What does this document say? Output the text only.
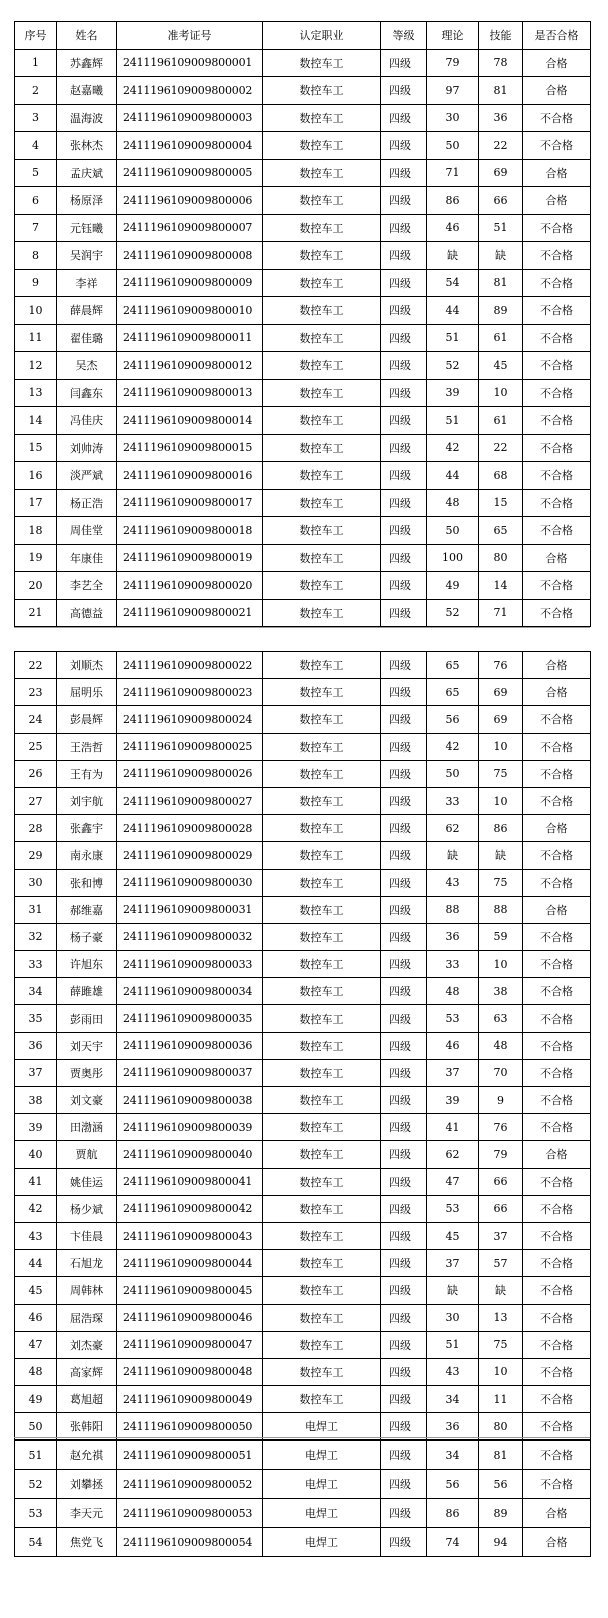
序号	姓名	准考证号	认定职业	等级	理论	技能	是否合格
1	苏鑫辉	2411196109009800001	数控车工	四级	79	78	合格
2	赵嘉曦	2411196109009800002	数控车工	四级	97	81	合格
3	温海波	2411196109009800003	数控车工	四级	30	36	不合格
4	张林杰	2411196109009800004	数控车工	四级	50	22	不合格
5	孟庆斌	2411196109009800005	数控车工	四级	71	69	合格
6	杨原泽	2411196109009800006	数控车工	四级	86	66	合格
7	元钰曦	2411196109009800007	数控车工	四级	46	51	不合格
8	吴润宇	2411196109009800008	数控车工	四级	缺	缺	不合格
9	李祥	2411196109009800009	数控车工	四级	54	81	不合格
10	薛晨辉	2411196109009800010	数控车工	四级	44	89	不合格
11	翟佳璐	2411196109009800011	数控车工	四级	51	61	不合格
12	吴杰	2411196109009800012	数控车工	四级	52	45	不合格
13	闫鑫东	2411196109009800013	数控车工	四级	39	10	不合格
14	冯佳庆	2411196109009800014	数控车工	四级	51	61	不合格
15	刘帅涛	2411196109009800015	数控车工	四级	42	22	不合格
16	淡严斌	2411196109009800016	数控车工	四级	44	68	不合格
17	杨正浩	2411196109009800017	数控车工	四级	48	15	不合格
18	周佳堂	2411196109009800018	数控车工	四级	50	65	不合格
19	年康佳	2411196109009800019	数控车工	四级	100	80	合格
20	李艺全	2411196109009800020	数控车工	四级	49	14	不合格
21	高德益	2411196109009800021	数控车工	四级	52	71	不合格
22	刘顺杰	2411196109009800022	数控车工	四级	65	76	合格
23	屈明乐	2411196109009800023	数控车工	四级	65	69	合格
24	彭晨辉	2411196109009800024	数控车工	四级	56	69	不合格
25	王浩哲	2411196109009800025	数控车工	四级	42	10	不合格
26	王有为	2411196109009800026	数控车工	四级	50	75	不合格
27	刘宇航	2411196109009800027	数控车工	四级	33	10	不合格
28	张鑫宇	2411196109009800028	数控车工	四级	62	86	合格
29	南永康	2411196109009800029	数控车工	四级	缺	缺	不合格
30	张和博	2411196109009800030	数控车工	四级	43	75	不合格
31	郝维嘉	2411196109009800031	数控车工	四级	88	88	合格
32	杨子豪	2411196109009800032	数控车工	四级	36	59	不合格
33	许旭东	2411196109009800033	数控车工	四级	33	10	不合格
34	薛雎雄	2411196109009800034	数控车工	四级	48	38	不合格
35	彭雨田	2411196109009800035	数控车工	四级	53	63	不合格
36	刘天宇	2411196109009800036	数控车工	四级	46	48	不合格
37	贾奥彤	2411196109009800037	数控车工	四级	37	70	不合格
38	刘文豪	2411196109009800038	数控车工	四级	39	9	不合格
39	田渤涵	2411196109009800039	数控车工	四级	41	76	不合格
40	贾航	2411196109009800040	数控车工	四级	62	79	合格
41	姚佳运	2411196109009800041	数控车工	四级	47	66	不合格
42	杨少斌	2411196109009800042	数控车工	四级	53	66	不合格
43	卞佳晨	2411196109009800043	数控车工	四级	45	37	不合格
44	石旭龙	2411196109009800044	数控车工	四级	37	57	不合格
45	周韩林	2411196109009800045	数控车工	四级	缺	缺	不合格
46	屈浩琛	2411196109009800046	数控车工	四级	30	13	不合格
47	刘杰豪	2411196109009800047	数控车工	四级	51	75	不合格
48	高家辉	2411196109009800048	数控车工	四级	43	10	不合格
49	葛旭超	2411196109009800049	数控车工	四级	34	11	不合格
50	张韩阳	2411196109009800050	电焊工	四级	36	80	不合格
51	赵允祺	2411196109009800051	电焊工	四级	34	81	不合格
52	刘攀拯	2411196109009800052	电焊工	四级	56	56	不合格
53	李天元	2411196109009800053	电焊工	四级	86	89	合格
54	焦党飞	2411196109009800054	电焊工	四级	74	94	合格
